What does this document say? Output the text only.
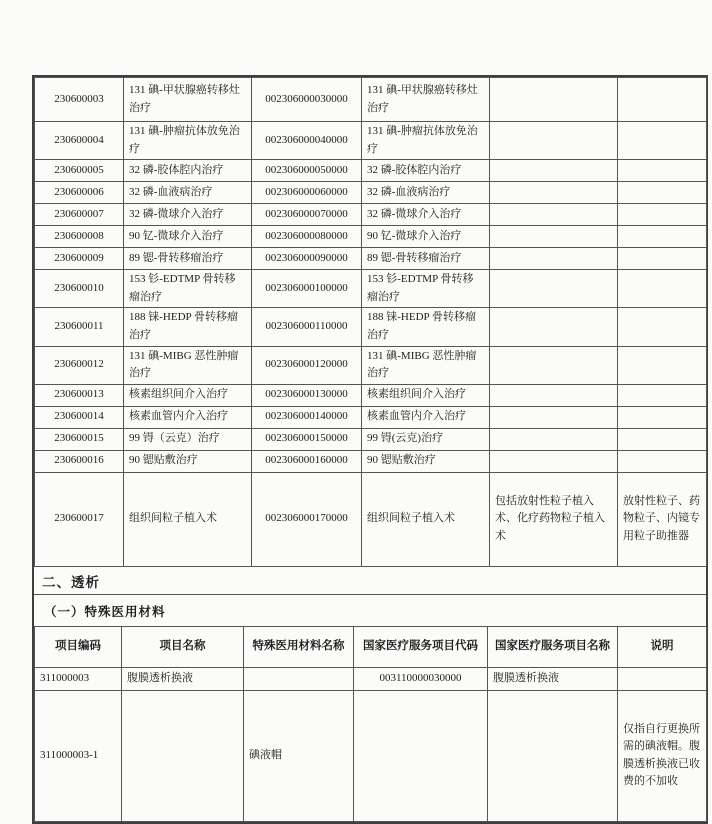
230600003	131 碘-甲状腺癌转移灶治疗	002306000030000	131 碘-甲状腺癌转移灶治疗		
230600004	131 碘-肿瘤抗体放免治疗	002306000040000	131 碘-肿瘤抗体放免治疗		
230600005	32 磷-胶体腔内治疗	002306000050000	32 磷-胶体腔内治疗		
230600006	32 磷-血液病治疗	002306000060000	32 磷-血液病治疗		
230600007	32 磷-微球介入治疗	002306000070000	32 磷-微球介入治疗		
230600008	90 钇-微球介入治疗	002306000080000	90 钇-微球介入治疗		
230600009	89 锶-骨转移瘤治疗	002306000090000	89 锶-骨转移瘤治疗		
230600010	153 钐-EDTMP 骨转移瘤治疗	002306000100000	153 钐-EDTMP 骨转移瘤治疗		
230600011	188 铼-HEDP 骨转移瘤治疗	002306000110000	188 铼-HEDP 骨转移瘤治疗		
230600012	131 碘-MIBG 恶性肿瘤治疗	002306000120000	131 碘-MIBG 恶性肿瘤治疗		
230600013	核素组织间介入治疗	002306000130000	核素组织间介入治疗		
230600014	核素血管内介入治疗	002306000140000	核素血管内介入治疗		
230600015	99 锝（云克）治疗	002306000150000	99 锝(云克)治疗		
230600016	90 锶贴敷治疗	002306000160000	90 锶贴敷治疗		
230600017	组织间粒子植入术	002306000170000	组织间粒子植入术	包括放射性粒子植入术、化疗药物粒子植入术	放射性粒子、药物粒子、内镜专用粒子助推器
二、透析
（一）特殊医用材料
项目编码	项目名称	特殊医用材料名称	国家医疗服务项目代码	国家医疗服务项目名称	说明
311000003	腹膜透析换液		003110000030000	腹膜透析换液	
311000003-1		碘液帽			仅指自行更换所需的碘液帽。腹膜透析换液已收费的不加收
